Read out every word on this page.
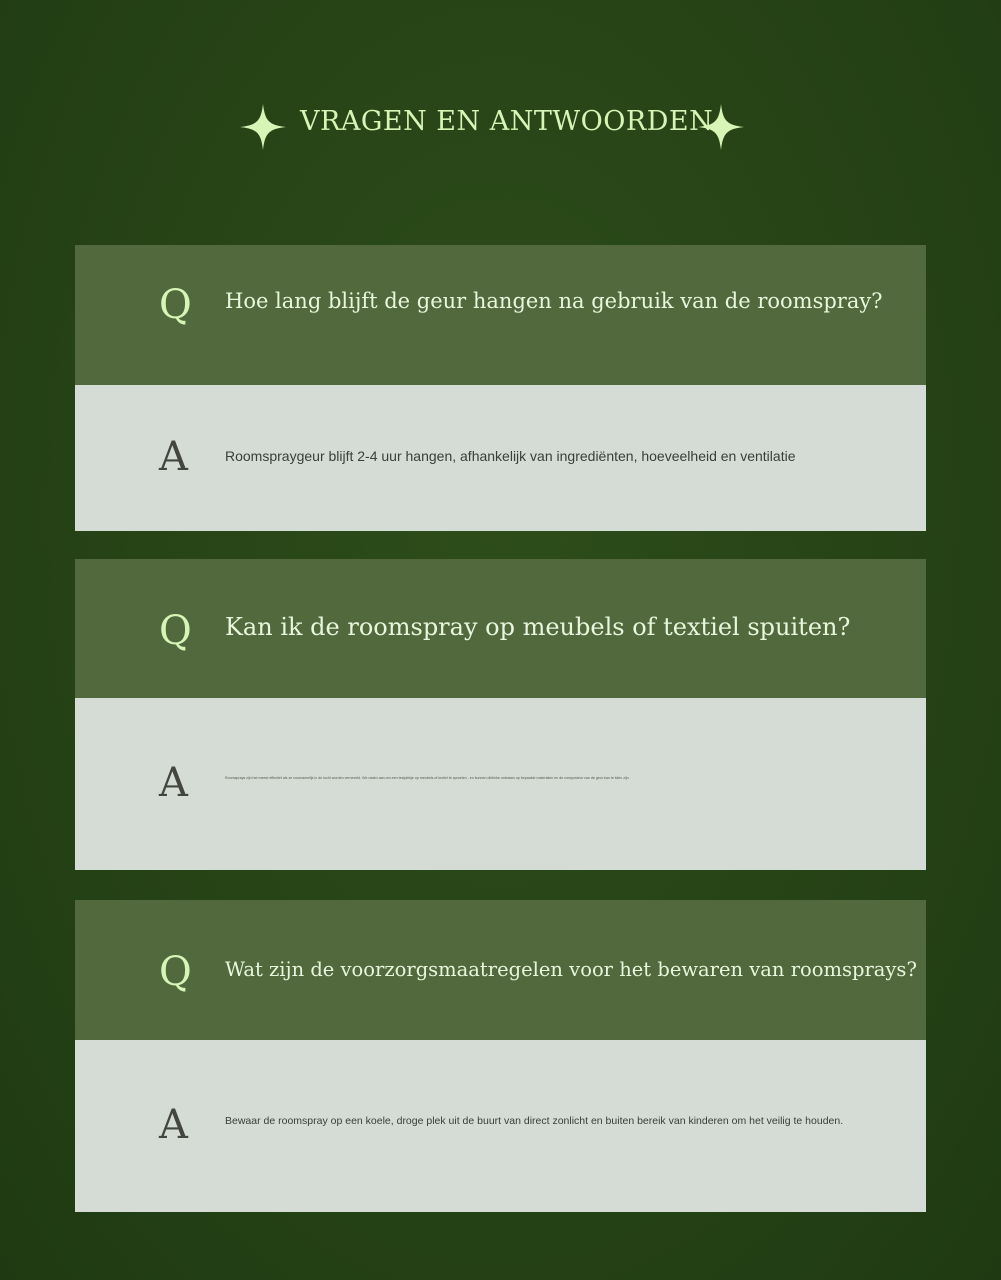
VRAGEN EN ANTWOORDEN
Q Hoe lang blijft de geur hangen na gebruik van de roomspray?
A	Roomspraygeur blijft 2-4 uur hangen, afhankelijk van ingrediënten, hoeveelheid en ventilatie
Q Kan ik de roomspray op meubels of textiel spuiten?
A	Roomsprays zijn het meest effectief als ze voornamelijk in de lucht worden verneveld. We raden aan om een testplekje op meubels of textiel te sproeien - en kunnen dieliebe ontstaan op bepaalde materialen en de composteur van de geur kan te klein zijn.
Q Wat zijn de voorzorgsmaatregelen voor het bewaren van roomsprays?
A	Bewaar de roomspray op een koele, droge plek uit de buurt van direct zonlicht en buiten bereik van kinderen om het veilig te houden.
